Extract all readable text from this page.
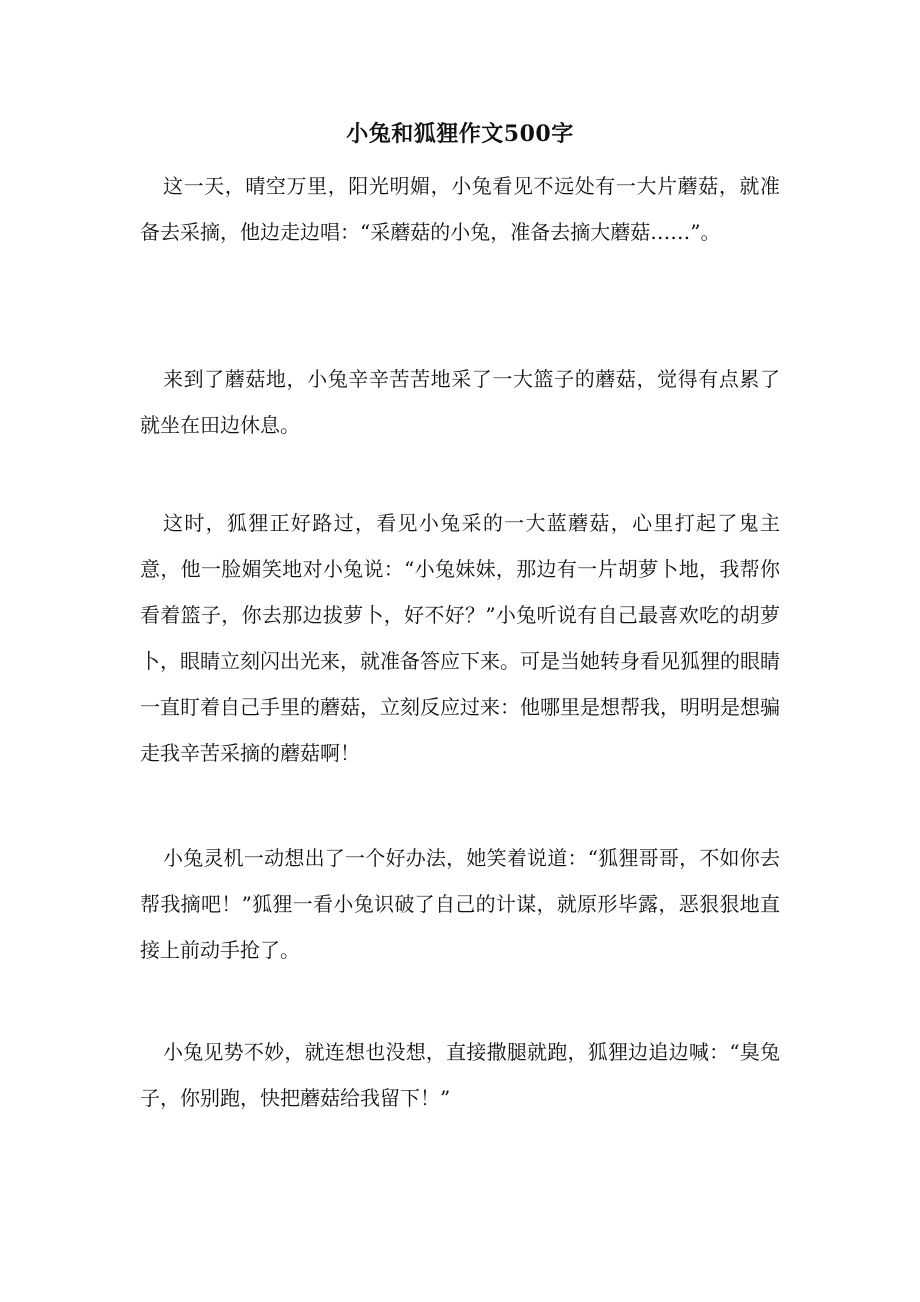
小兔和狐狸作文500字

这一天，晴空万里，阳光明媚，小兔看见不远处有一大片蘑菇，就准备去采摘，他边走边唱：“采蘑菇的小兔，准备去摘大蘑菇……”。

来到了蘑菇地，小兔辛辛苦苦地采了一大篮子的蘑菇，觉得有点累了就坐在田边休息。

这时，狐狸正好路过，看见小兔采的一大蓝蘑菇，心里打起了鬼主意，他一脸媚笑地对小兔说：“小兔妹妹，那边有一片胡萝卜地，我帮你看着篮子，你去那边拔萝卜，好不好？”小兔听说有自己最喜欢吃的胡萝卜，眼睛立刻闪出光来，就准备答应下来。可是当她转身看见狐狸的眼睛一直盯着自己手里的蘑菇，立刻反应过来：他哪里是想帮我，明明是想骗走我辛苦采摘的蘑菇啊！

小兔灵机一动想出了一个好办法，她笑着说道：“狐狸哥哥，不如你去帮我摘吧！”狐狸一看小兔识破了自己的计谋，就原形毕露，恶狠狠地直接上前动手抢了。

小兔见势不妙，就连想也没想，直接撒腿就跑，狐狸边追边喊：“臭兔子，你别跑，快把蘑菇给我留下！”
